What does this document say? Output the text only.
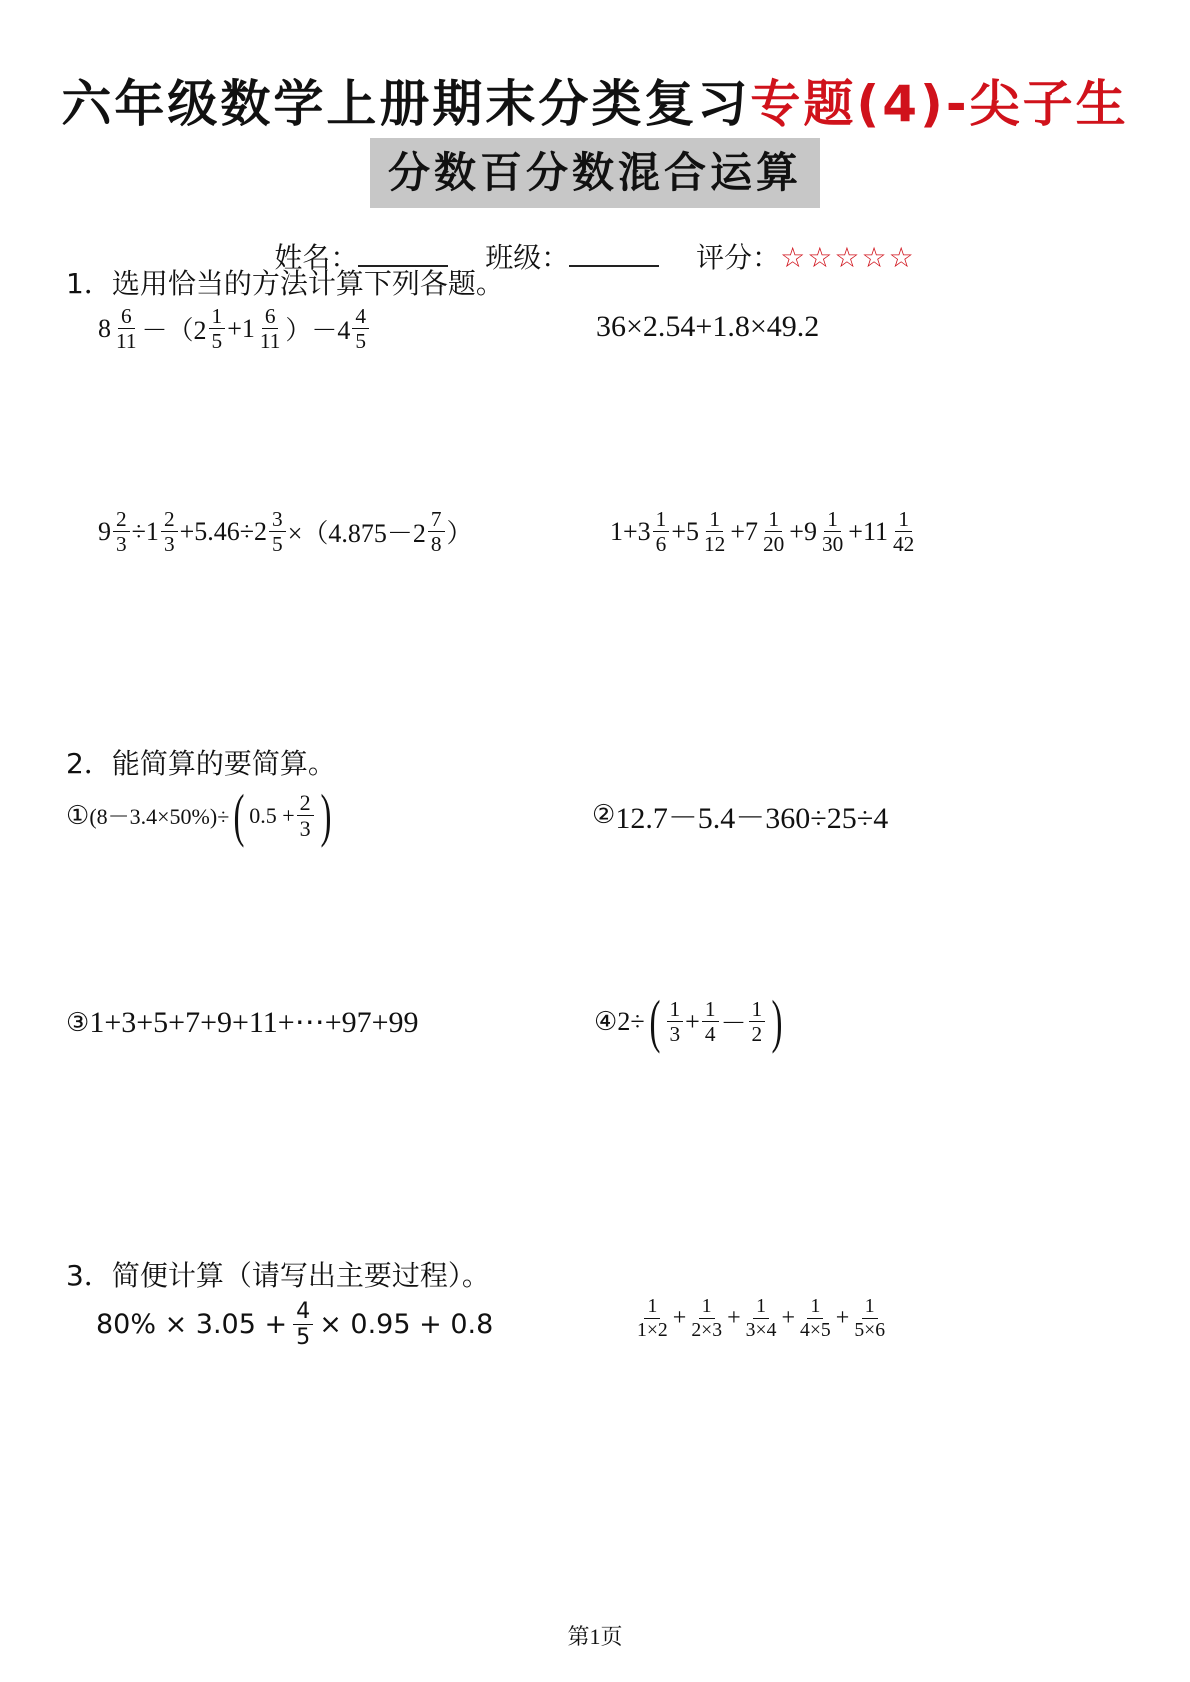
六年级数学上册期末分类复习专题(4)-尖子生
分数百分数混合运算
姓名：	班级：	评分：☆☆☆☆☆
1．选用恰当的方法计算下列各题。
$8 \frac{6}{11} -(2 \frac{1}{5} +1 \frac{6}{11} )-4 \frac{4}{5}$	36×2.54+1.8×49.2
$9 \frac{2}{3} \div 1 \frac{2}{3} +5.46\div 2 \frac{3}{5} \times(4.875-2 \frac{7}{8}$ ）	$1+3 \frac{1}{6} +5 \frac{1}{12} +7 \frac{1}{20} +9 \frac{1}{30} +11 \frac{1}{42}$
2．能简算的要简算。
① (8－3.4×50%)÷ ( $0.5 + \frac{2}{3}$ )	② 12.7－5.4－360÷25÷4
③ 1+3+5+7+9+11+⋯+97+99	④ 2÷ ( $\frac{1}{3} + \frac{1}{4} - \frac{1}{2}$ )
3．简便计算（请写出主要过程）。
$80\% \times 3.05 + \frac{4}{5} \times 0.95 + 0.8$	$\frac{1}{1\times 2} + \frac{1}{2\times 3} + \frac{1}{3\times 4} + \frac{1}{4\times 5} + \frac{1}{5\times 6}$
第1页
